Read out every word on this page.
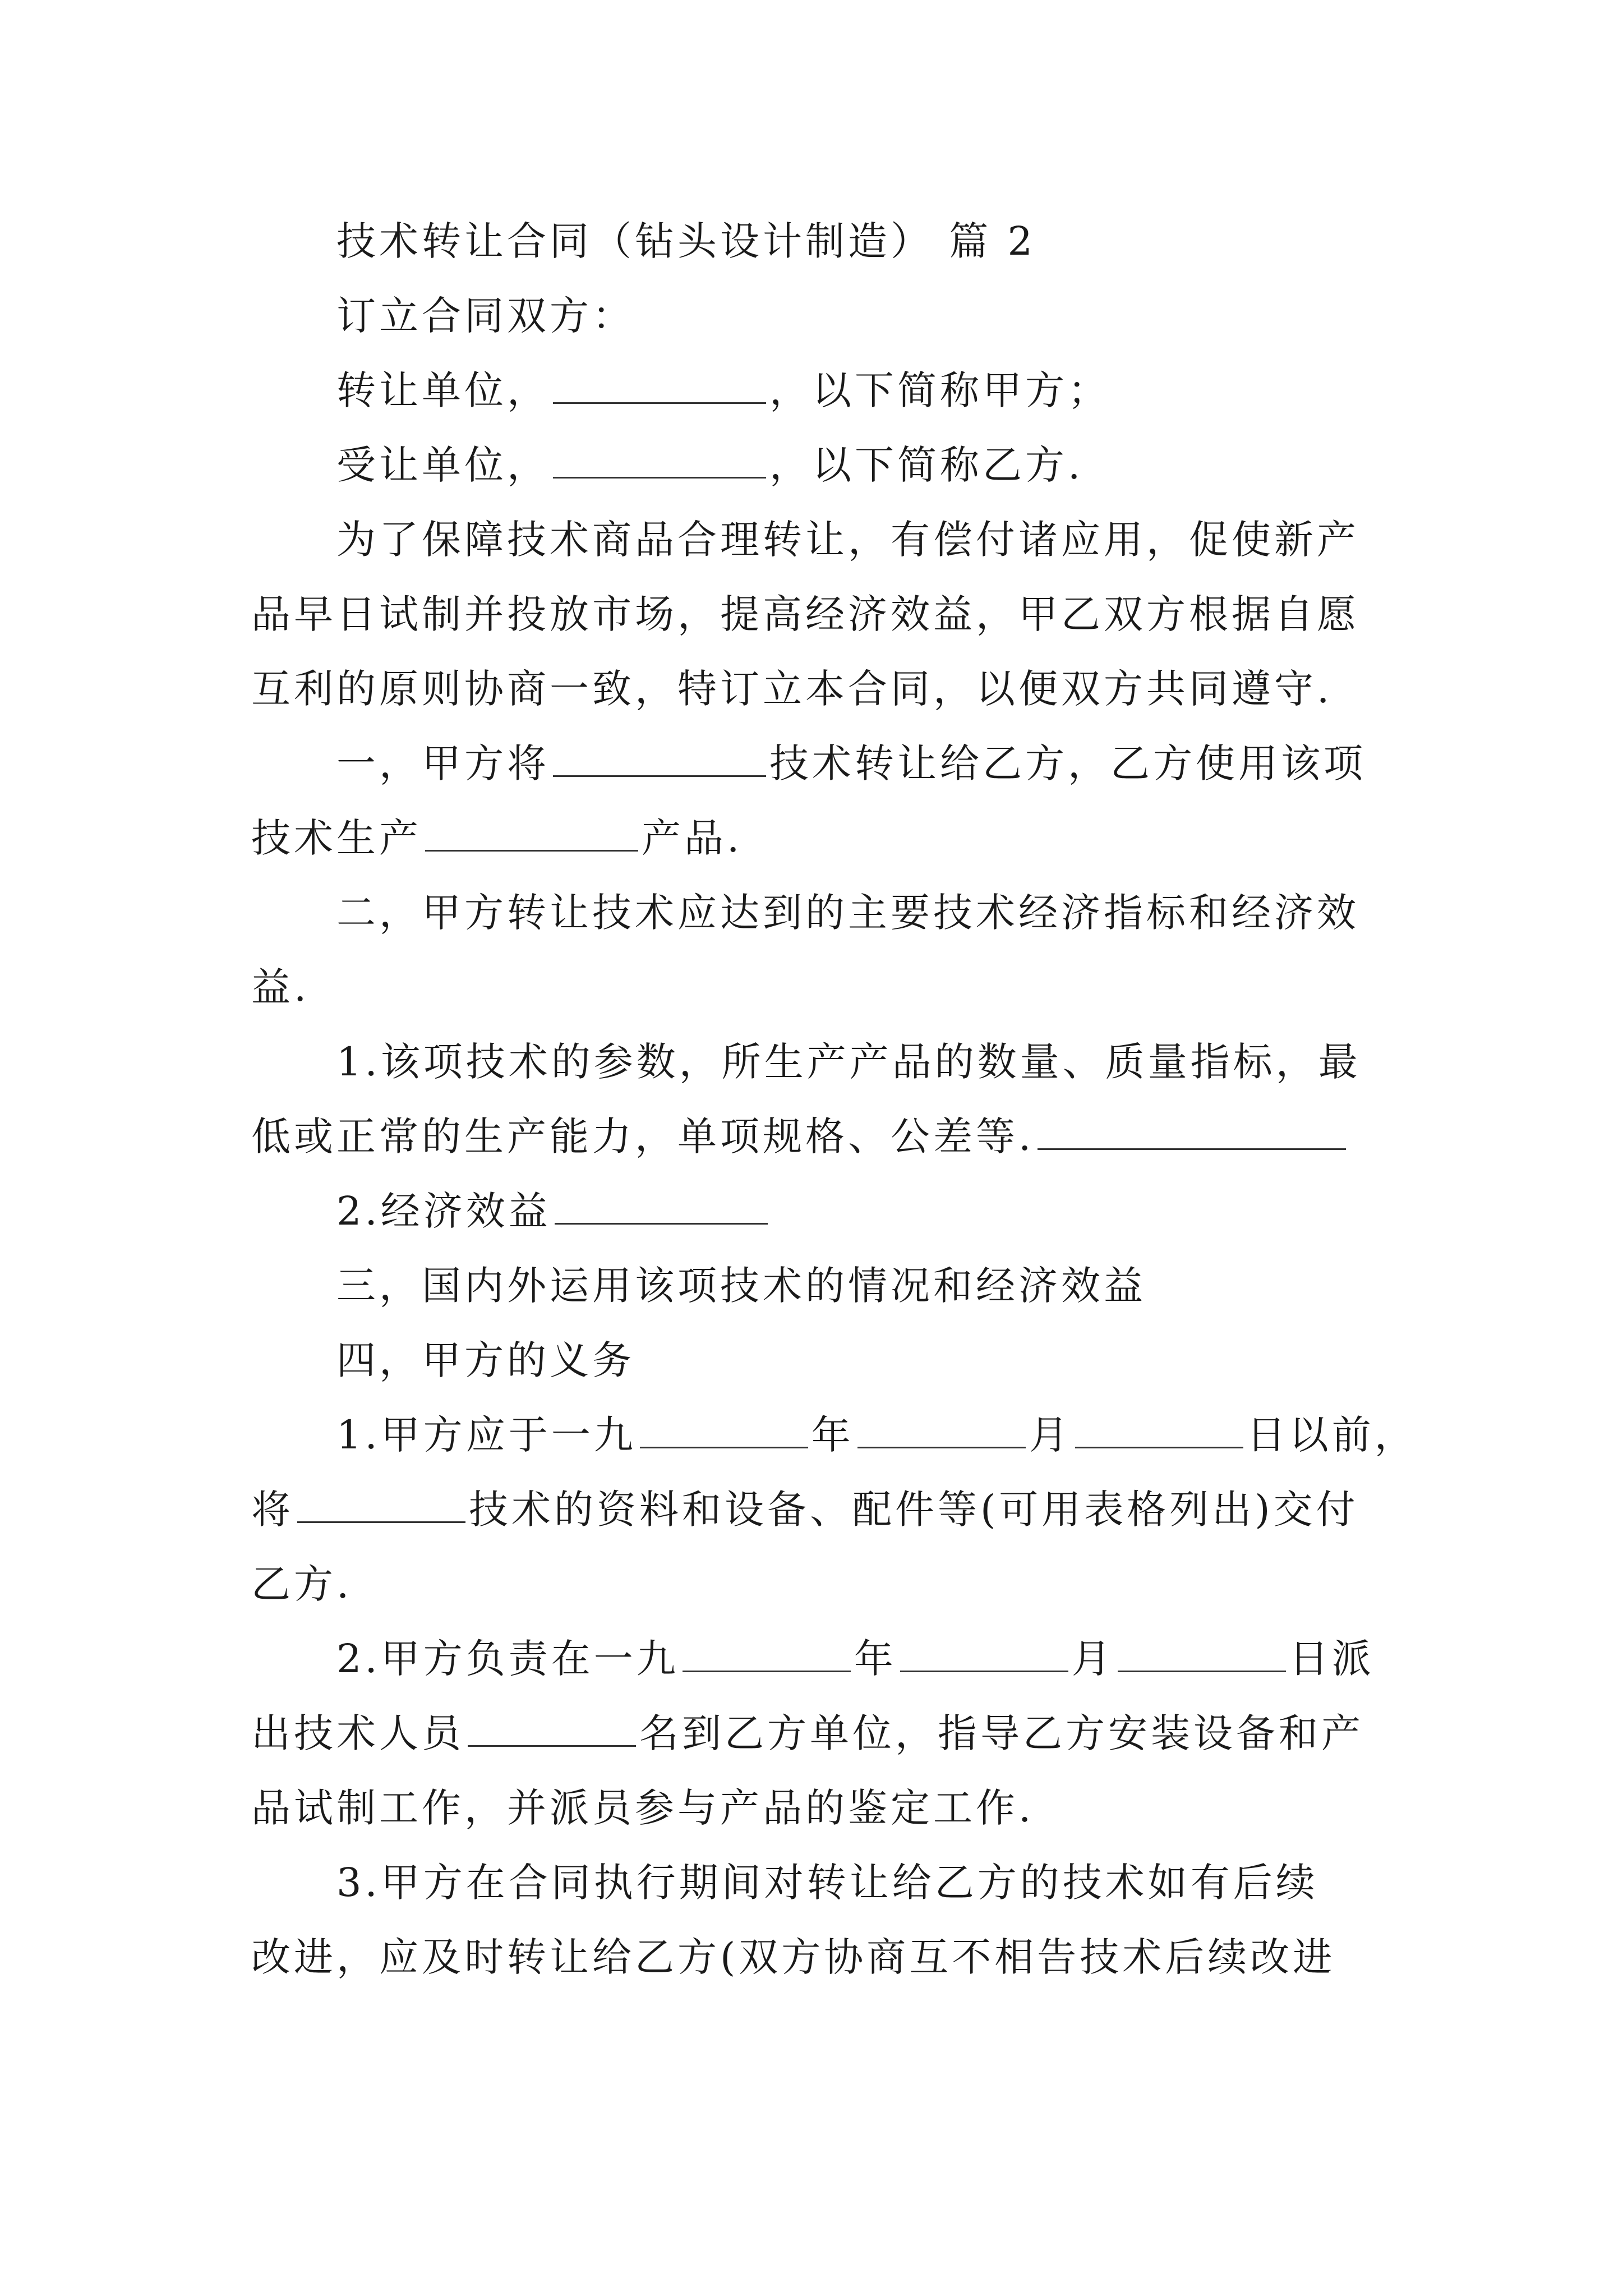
技术转让合同（钻头设计制造） 篇 2
订立合同双方：
转让单位，	，以下简称甲方；
受让单位，	，以下简称乙方.
为了保障技术商品合理转让，有偿付诸应用，促使新产
品早日试制并投放市场，提高经济效益，甲乙双方根据自愿
互利的原则协商一致，特订立本合同，以便双方共同遵守.
一，甲方将	技术转让给乙方，乙方使用该项
技术生产	产品.
二，甲方转让技术应达到的主要技术经济指标和经济效
益.
1.该项技术的参数，所生产产品的数量、质量指标，最
低或正常的生产能力，单项规格、公差等.
2.经济效益
三，国内外运用该项技术的情况和经济效益
四，甲方的义务
1.甲方应于一九	年	月	日以前，
将	技术的资料和设备、配件等(可用表格列出)交付
乙方.
2.甲方负责在一九	年	月	日派
出技术人员	名到乙方单位，指导乙方安装设备和产
品试制工作，并派员参与产品的鉴定工作.
3.甲方在合同执行期间对转让给乙方的技术如有后续
改进，应及时转让给乙方(双方协商互不相告技术后续改进
